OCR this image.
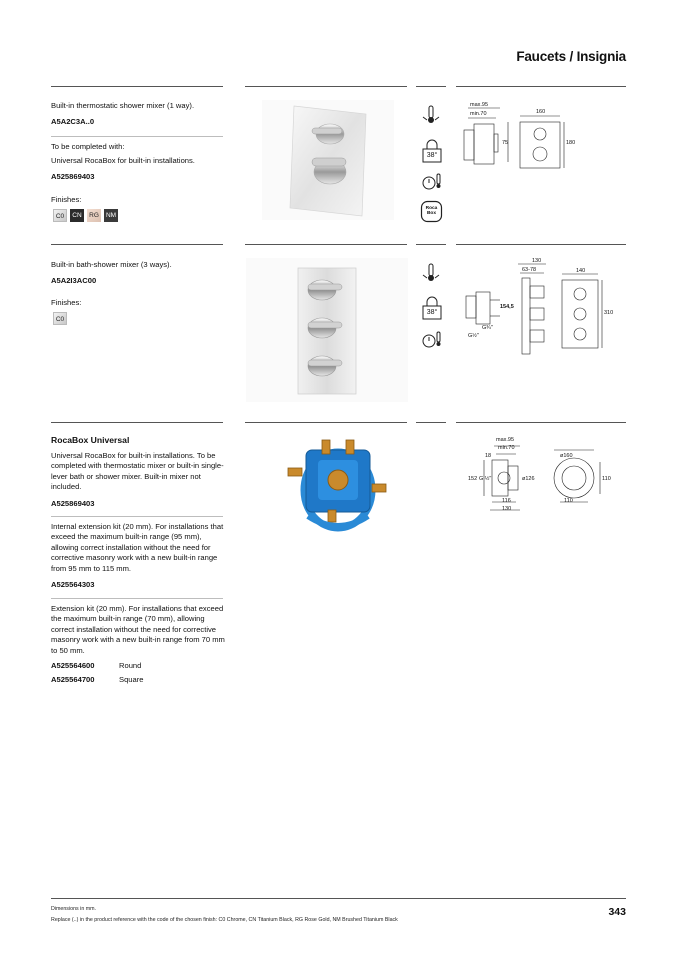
Faucets / Insignia
Built-in thermostatic shower mixer (1 way).
A5A2C3A..0
To be completed with:
Universal RocaBox for built-in installations.
A525869403
Finishes:
C0	CN	RG	NM
38°
Roca
Box
max.95
min.70	160
180
75
Built-in bath-shower mixer (3 ways).
A5A2I3AC00
Finishes:
C0
38°
130
63-78	140
310
154,5
G¾"
G½"
RocaBox Universal
Universal RocaBox for built-in installations. To be completed with thermostatic mixer or built-in single-lever bath or shower mixer. Built-in mixer not included.
A525869403
Internal extension kit (20 mm). For installations that exceed the maximum built-in range (95 mm), allowing correct installation without the need for corrective masonry work with a new built-in range from 95 mm to 115 mm.
A525564303
Extension kit (20 mm). For installations that exceed the maximum built-in range (70 mm), allowing correct installation without the need for corrective masonry work with a new built-in range from 70 mm to 50 mm.
A525564600	Round
A525564700	Square
max.95
min.70
18
152 G ½"	ø126
116
130
ø160
110
110
Dimensions in mm.
Replace (..) in the product reference with the code of the chosen finish: C0 Chrome, CN Titanium Black, RG Rose Gold, NM Brushed Titanium Black
343
